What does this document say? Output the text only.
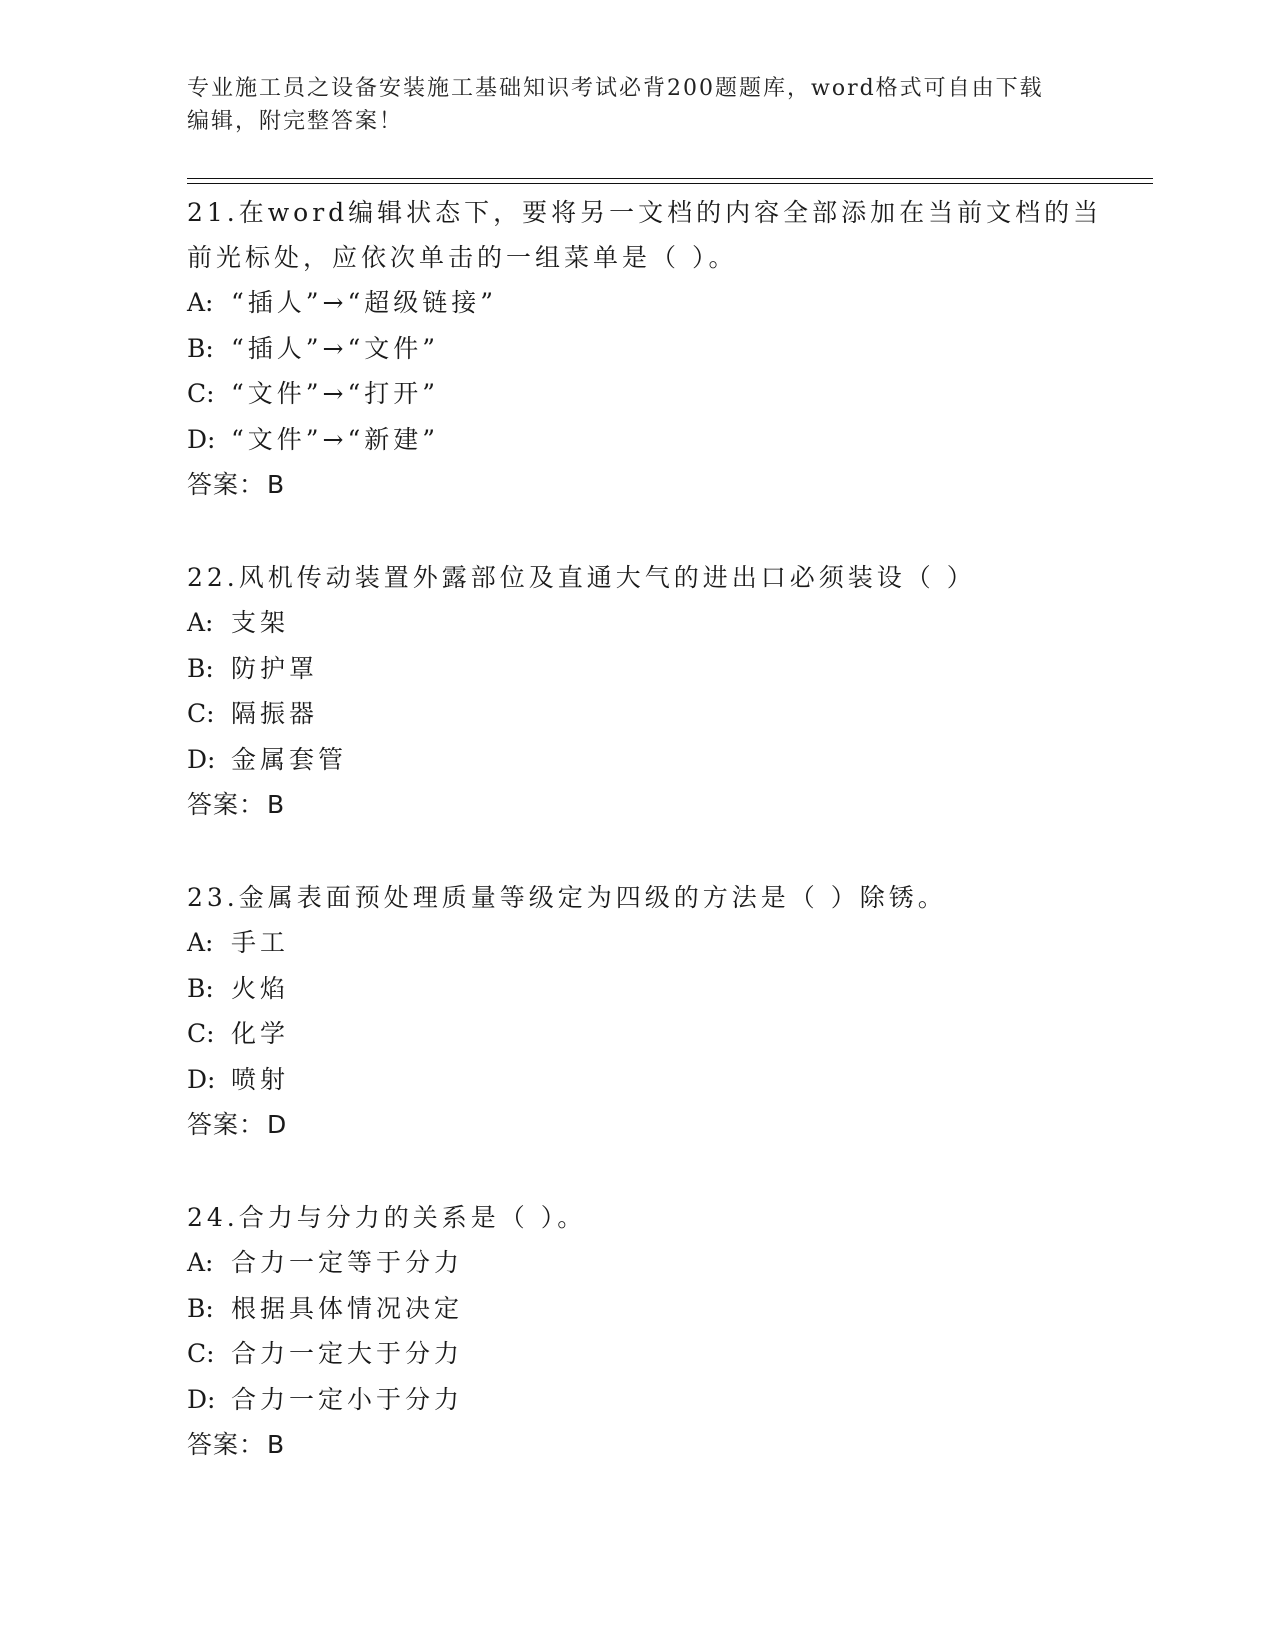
专业施工员之设备安装施工基础知识考试必背200题题库，word格式可自由下载编辑，附完整答案！
21.在word编辑状态下，要将另一文档的内容全部添加在当前文档的当前光标处，应依次单击的一组菜单是（ ）。
A: “插人”→“超级链接”
B: “插人”→“文件”
C: “文件”→“打开”
D: “文件”→“新建”
答案：B
22.风机传动装置外露部位及直通大气的进出口必须装设（ ）
A: 支架
B: 防护罩
C: 隔振器
D: 金属套管
答案：B
23.金属表面预处理质量等级定为四级的方法是（ ）除锈。
A: 手工
B: 火焰
C: 化学
D: 喷射
答案：D
24.合力与分力的关系是（ ）。
A: 合力一定等于分力
B: 根据具体情况决定
C: 合力一定大于分力
D: 合力一定小于分力
答案：B
